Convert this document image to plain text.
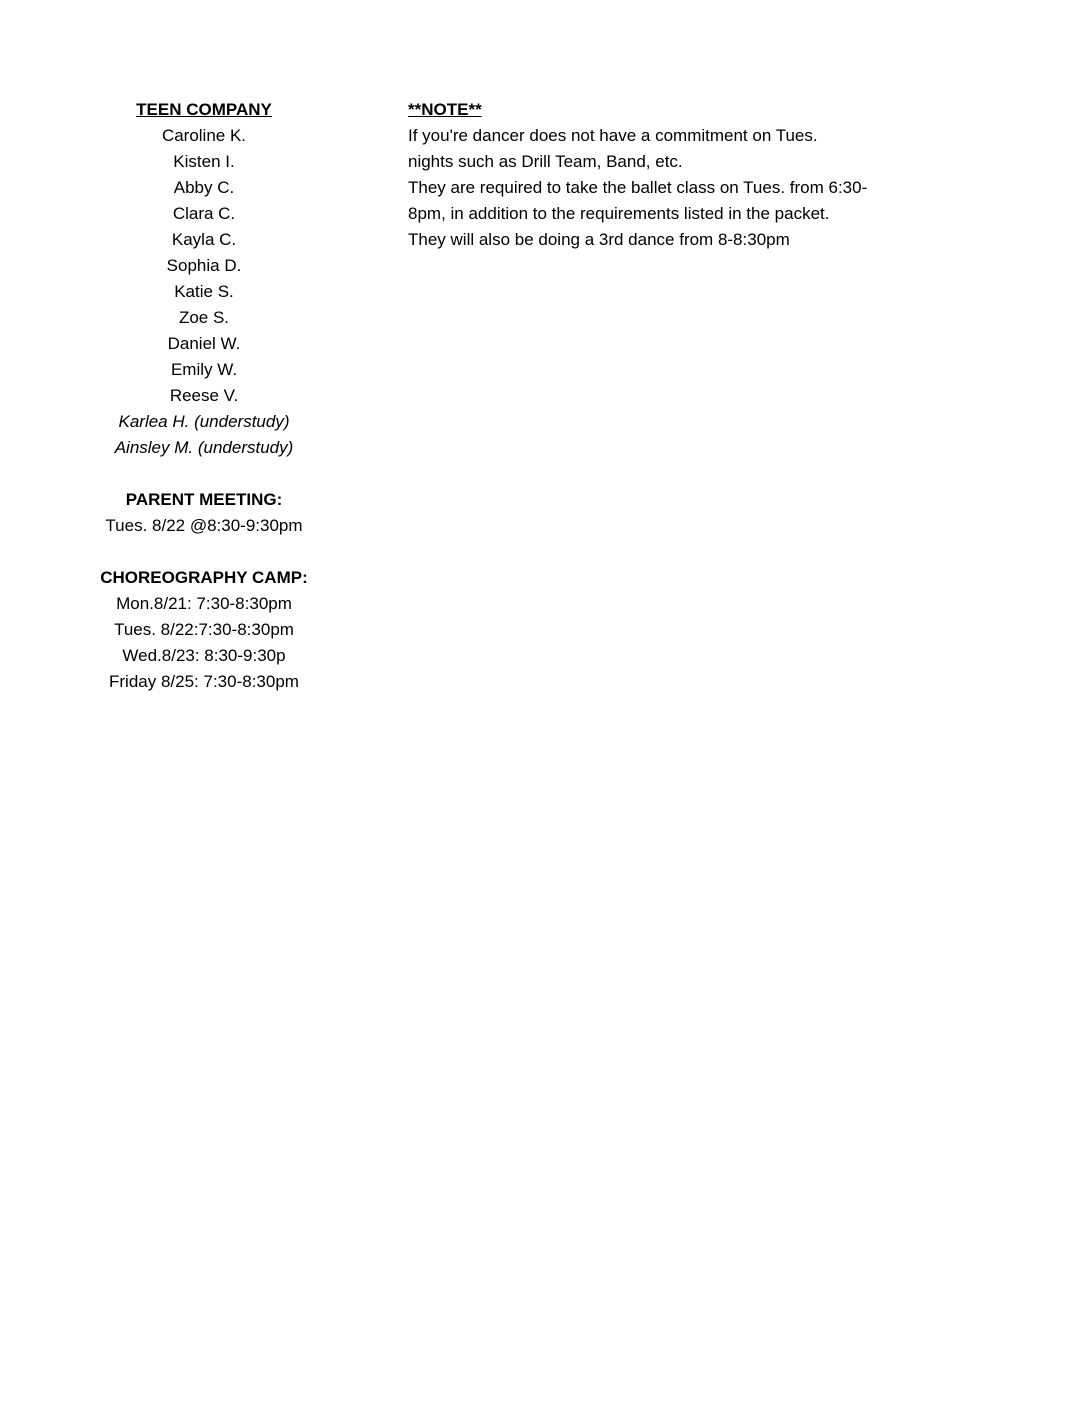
TEEN COMPANY
Caroline K.
Kisten I.
Abby C.
Clara C.
Kayla C.
Sophia D.
Katie S.
Zoe S.
Daniel W.
Emily W.
Reese V.
Karlea H. (understudy)
Ainsley M. (understudy)
PARENT MEETING:
Tues. 8/22 @8:30-9:30pm
CHOREOGRAPHY CAMP:
Mon.8/21: 7:30-8:30pm
Tues. 8/22:7:30-8:30pm
Wed.8/23: 8:30-9:30p
Friday 8/25: 7:30-8:30pm
**NOTE**
If you're dancer does not have a commitment on Tues.
nights such as Drill Team, Band, etc.
They are required to take the ballet class on Tues. from 6:30-
8pm, in addition to the requirements listed in the packet.
They will also be doing a 3rd dance from 8-8:30pm
